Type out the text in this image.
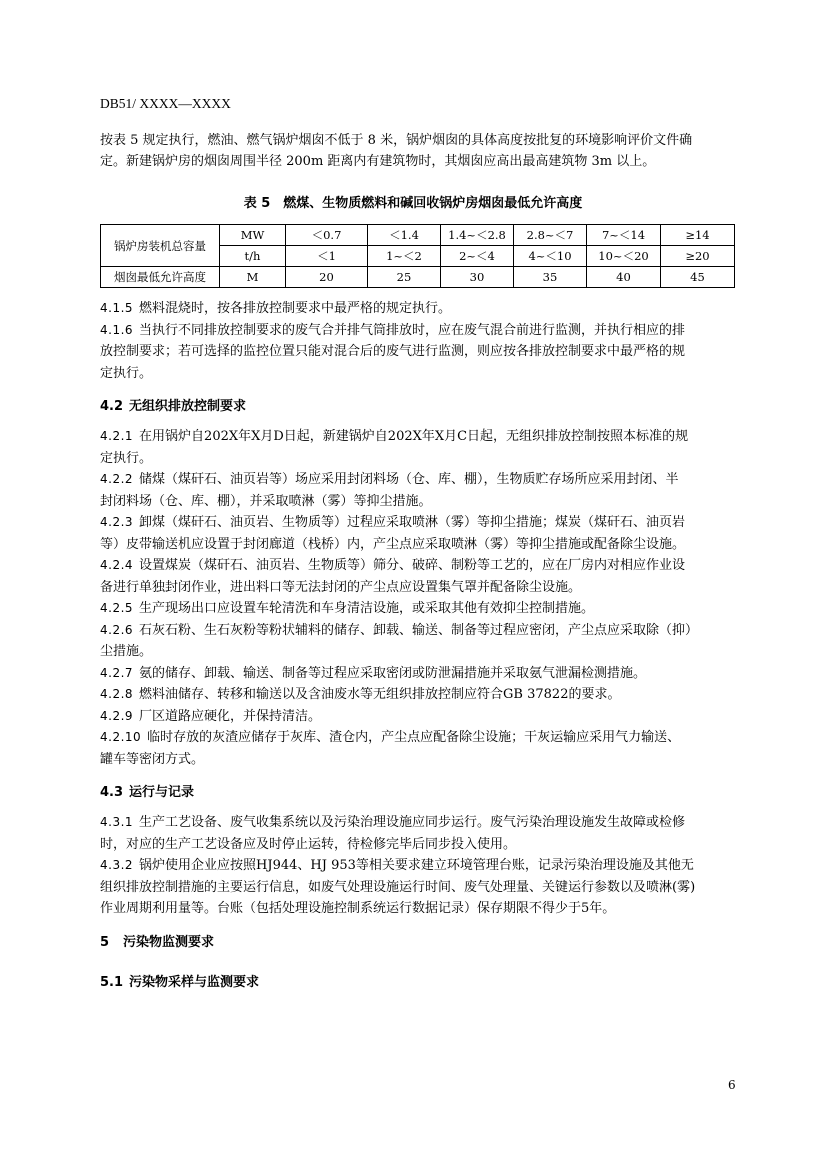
DB51/ XXXX—XXXX
按表 5 规定执行，燃油、燃气锅炉烟囱不低于 8 米，锅炉烟囱的具体高度按批复的环境影响评价文件确
定。新建锅炉房的烟囱周围半径 200m 距离内有建筑物时，其烟囱应高出最高建筑物 3m 以上。
表 5　燃煤、生物质燃料和碱回收锅炉房烟囱最低允许高度
锅炉房装机总容量	MW	＜0.7	＜1.4	1.4~＜2.8	2.8~＜7	7~＜14	≥14
	t/h	＜1	1~＜2	2~＜4	4~＜10	10~＜20	≥20
烟囱最低允许高度	M	20	25	30	35	40	45
4.1.5 燃料混烧时，按各排放控制要求中最严格的规定执行。
4.1.6 当执行不同排放控制要求的废气合并排气筒排放时，应在废气混合前进行监测，并执行相应的排
放控制要求；若可选择的监控位置只能对混合后的废气进行监测，则应按各排放控制要求中最严格的规
定执行。
4.2 无组织排放控制要求
4.2.1 在用锅炉自202X年X月D日起，新建锅炉自202X年X月C日起，无组织排放控制按照本标准的规
定执行。
4.2.2 储煤（煤矸石、油页岩等）场应采用封闭料场（仓、库、棚），生物质贮存场所应采用封闭、半
封闭料场（仓、库、棚），并采取喷淋（雾）等抑尘措施。
4.2.3 卸煤（煤矸石、油页岩、生物质等）过程应采取喷淋（雾）等抑尘措施；煤炭（煤矸石、油页岩
等）皮带输送机应设置于封闭廊道（栈桥）内，产尘点应采取喷淋（雾）等抑尘措施或配备除尘设施。
4.2.4 设置煤炭（煤矸石、油页岩、生物质等）筛分、破碎、制粉等工艺的，应在厂房内对相应作业设
备进行单独封闭作业，进出料口等无法封闭的产尘点应设置集气罩并配备除尘设施。
4.2.5 生产现场出口应设置车轮清洗和车身清洁设施，或采取其他有效抑尘控制措施。
4.2.6 石灰石粉、生石灰粉等粉状辅料的储存、卸载、输送、制备等过程应密闭，产尘点应采取除（抑）
尘措施。
4.2.7 氨的储存、卸载、输送、制备等过程应采取密闭或防泄漏措施并采取氨气泄漏检测措施。
4.2.8 燃料油储存、转移和输送以及含油废水等无组织排放控制应符合GB 37822的要求。
4.2.9 厂区道路应硬化，并保持清洁。
4.2.10 临时存放的灰渣应储存于灰库、渣仓内，产尘点应配备除尘设施；干灰运输应采用气力输送、
罐车等密闭方式。
4.3 运行与记录
4.3.1 生产工艺设备、废气收集系统以及污染治理设施应同步运行。废气污染治理设施发生故障或检修
时，对应的生产工艺设备应及时停止运转，待检修完毕后同步投入使用。
4.3.2 锅炉使用企业应按照HJ944、HJ 953等相关要求建立环境管理台账，记录污染治理设施及其他无
组织排放控制措施的主要运行信息，如废气处理设施运行时间、废气处理量、关键运行参数以及喷淋(雾)
作业周期利用量等。台账（包括处理设施控制系统运行数据记录）保存期限不得少于5年。
5 污染物监测要求
5.1 污染物采样与监测要求
6
